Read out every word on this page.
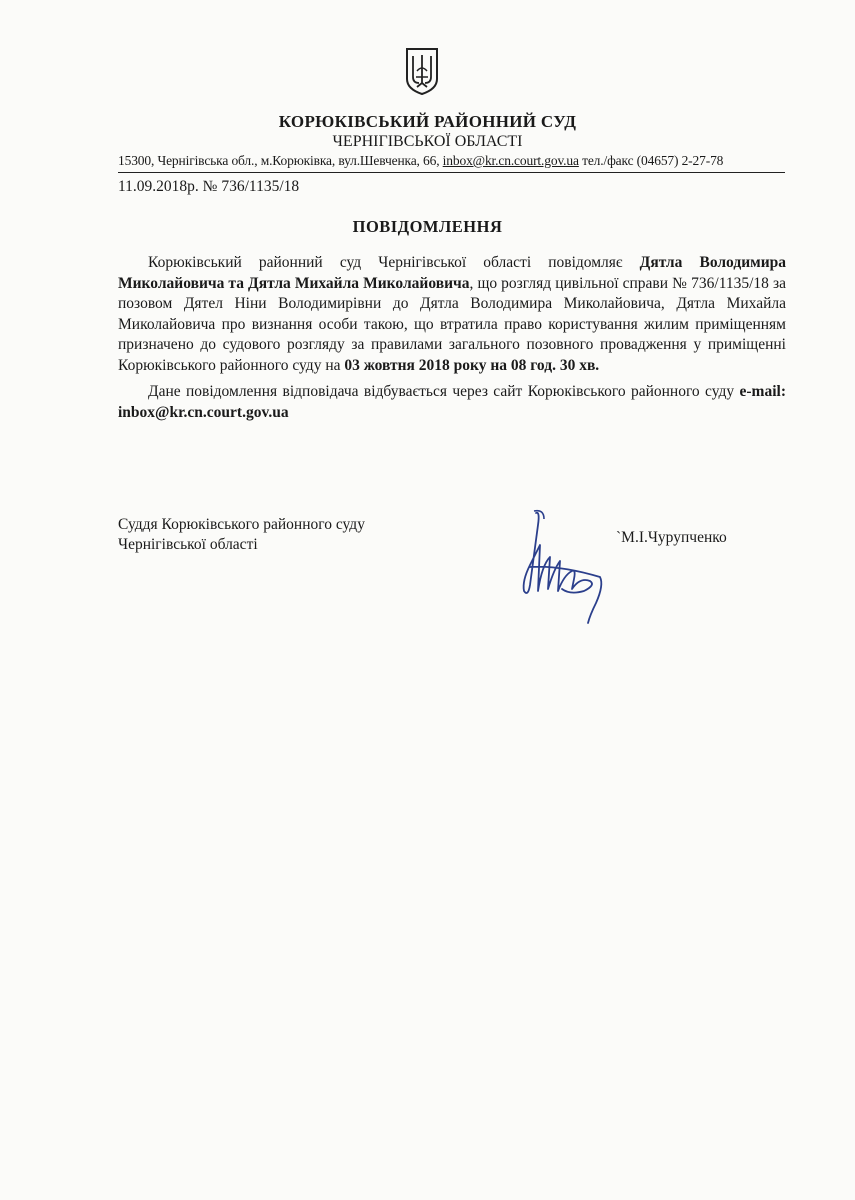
КОРЮКІВСЬКИЙ РАЙОННИЙ СУД
ЧЕРНІГІВСЬКОЇ ОБЛАСТІ
15300, Чернігівська обл., м.Корюківка, вул.Шевченка, 66, inbox@kr.cn.court.gov.ua тел./факс (04657) 2-27-78
11.09.2018р. № 736/1135/18
ПОВІДОМЛЕННЯ

Корюківський районний суд Чернігівської області повідомляє Дятла Володимира Миколайовича та Дятла Михайла Миколайовича, що розгляд цивільної справи № 736/1135/18 за позовом Дятел Ніни Володимирівни до Дятла Володимира Миколайовича, Дятла Михайла Миколайовича про визнання особи такою, що втратила право користування жилим приміщенням призначено до судового розгляду за правилами загального позовного провадження у приміщенні Корюківського районного суду на 03 жовтня 2018 року на 08 год. 30 хв.

Дане повідомлення відповідача відбувається через сайт Корюківського районного суду e-mail: inbox@kr.cn.court.gov.ua

Суддя Корюківського районного суду
Чернігівської області	`М.І.Чурупченко
